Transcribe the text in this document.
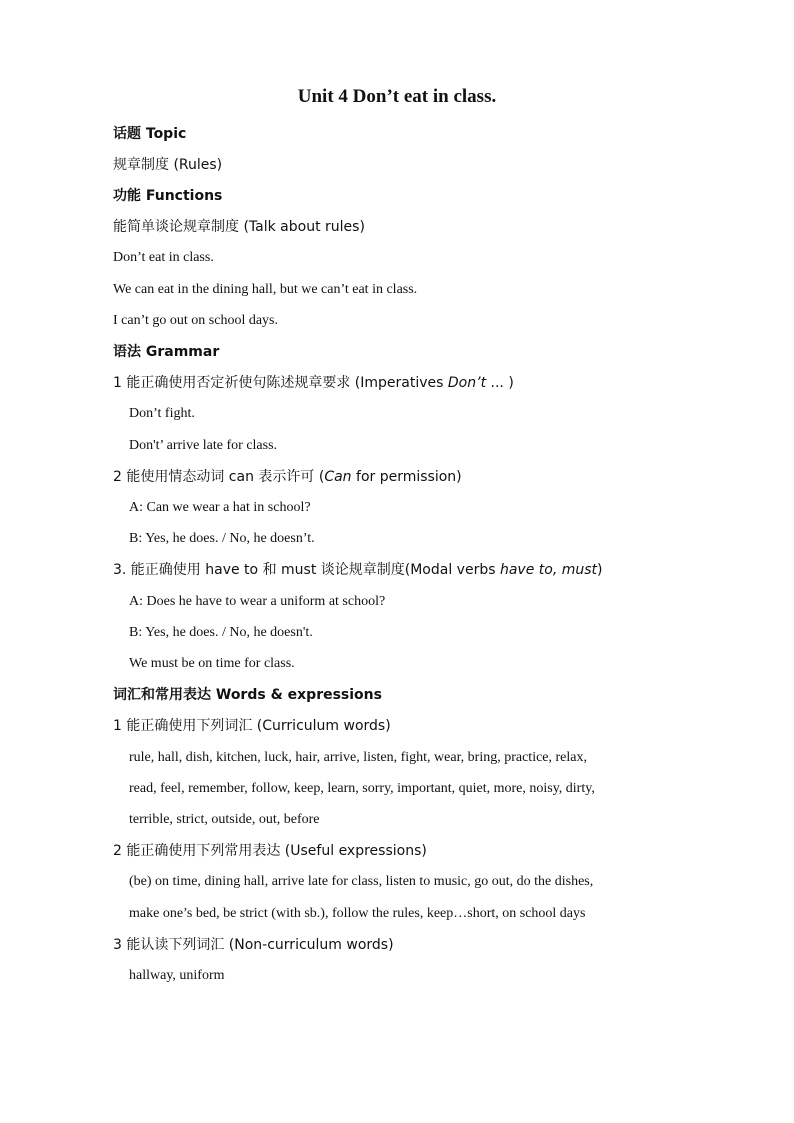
Unit 4 Don’t eat in class.
话题 Topic
规章制度 (Rules)
功能 Functions
能简单谈论规章制度 (Talk about rules)
Don’t eat in class.
We can eat in the dining hall, but we can’t eat in class.
I can’t go out on school days.
语法 Grammar
1 能正确使用否定祈使句陈述规章要求 (Imperatives Don’t ... )
Don’t fight.
Don't’ arrive late for class.
2 能使用情态动词 can 表示许可 (Can for permission)
A: Can we wear a hat in school?
B: Yes, he does. / No, he doesn’t.
3. 能正确使用 have to 和 must 谈论规章制度(Modal verbs have to, must)
A: Does he have to wear a uniform at school?
B: Yes, he does. / No, he doesn't.
We must be on time for class.
词汇和常用表达 Words & expressions
1 能正确使用下列词汇 (Curriculum words)
rule, hall, dish, kitchen, luck, hair, arrive, listen, fight, wear, bring, practice, relax,
read, feel, remember, follow, keep, learn, sorry, important, quiet, more, noisy, dirty,
terrible, strict, outside, out, before
2 能正确使用下列常用表达 (Useful expressions)
(be) on time, dining hall, arrive late for class, listen to music, go out, do the dishes,
make one’s bed, be strict (with sb.), follow the rules, keep…short, on school days
3 能认读下列词汇 (Non-curriculum words)
hallway, uniform
